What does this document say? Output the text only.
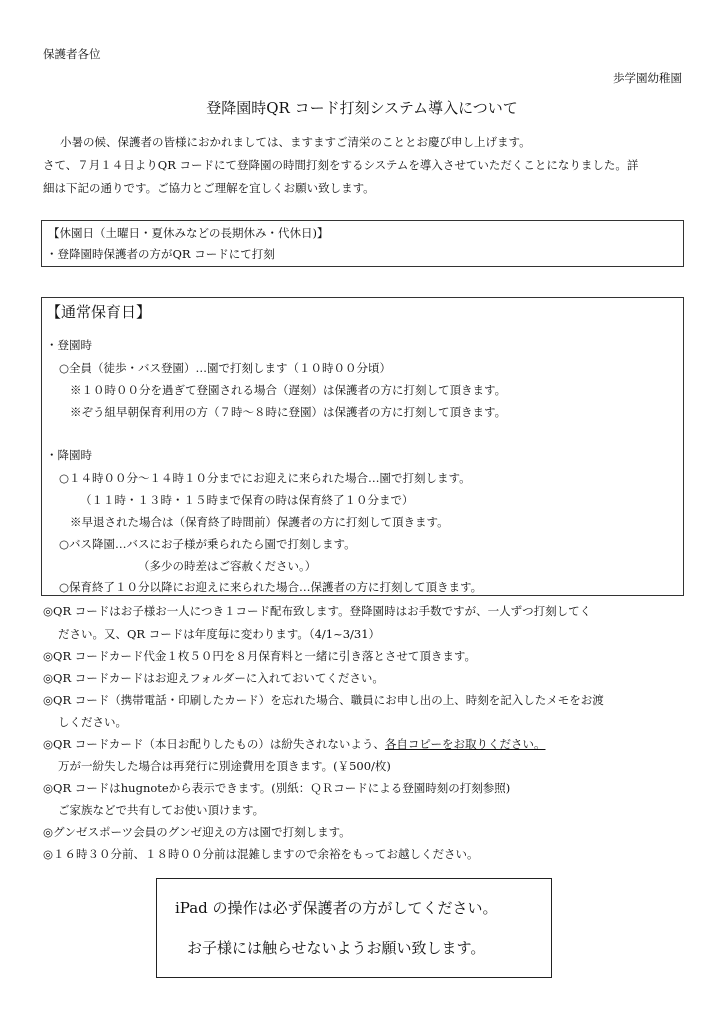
保護者各位
歩学園幼稚園
登降園時QR コード打刻システム導入について
小暑の候、保護者の皆様におかれましては、ますますご清栄のこととお慶び申し上げます。
さて、７月１４日よりQR コードにて登降園の時間打刻をするシステムを導入させていただくことになりました。詳
細は下記の通りです。ご協力とご理解を宜しくお願い致します。
【休園日（土曜日・夏休みなどの長期休み・代休日)】
・登降園時保護者の方がQR コードにて打刻
【通常保育日】
・登園時
○全員（徒歩・バス登園）…園で打刻します（１０時００分頃）
※１０時００分を過ぎて登園される場合（遅刻）は保護者の方に打刻して頂きます。
※ぞう組早朝保育利用の方（７時～８時に登園）は保護者の方に打刻して頂きます。
・降園時
○１４時００分～１４時１０分までにお迎えに来られた場合…園で打刻します。
（１１時・１３時・１５時まで保育の時は保育終了１０分まで）
※早退された場合は（保育終了時間前）保護者の方に打刻して頂きます。
○バス降園…バスにお子様が乗られたら園で打刻します。
（多少の時差はご容赦ください。）
○保育終了１０分以降にお迎えに来られた場合…保護者の方に打刻して頂きます。
◎QR コードはお子様お一人につき１コード配布致します。登降園時はお手数ですが、一人ずつ打刻してく
ださい。又、QR コードは年度毎に変わります。（4/1~3/31）
◎QR コードカード代金１枚５０円を８月保育料と一緒に引き落とさせて頂きます。
◎QR コードカードはお迎えフォルダーに入れておいてください。
◎QR コード（携帯電話・印刷したカード）を忘れた場合、職員にお申し出の上、時刻を記入したメモをお渡
しください。
◎QR コードカード（本日お配りしたもの）は紛失されないよう、各自コピーをお取りください。
万が一紛失した場合は再発行に別途費用を頂きます。(￥500/枚)
◎QR コードはhugnoteから表示できます。(別紙：ＱＲコードによる登園時刻の打刻参照)
ご家族などで共有してお使い頂けます。
◎グンゼスポーツ会員のグンゼ迎えの方は園で打刻します。
◎１６時３０分前、１８時００分前は混雑しますので余裕をもってお越しください。
iPad の操作は必ず保護者の方がしてください。
お子様には触らせないようお願い致します。
